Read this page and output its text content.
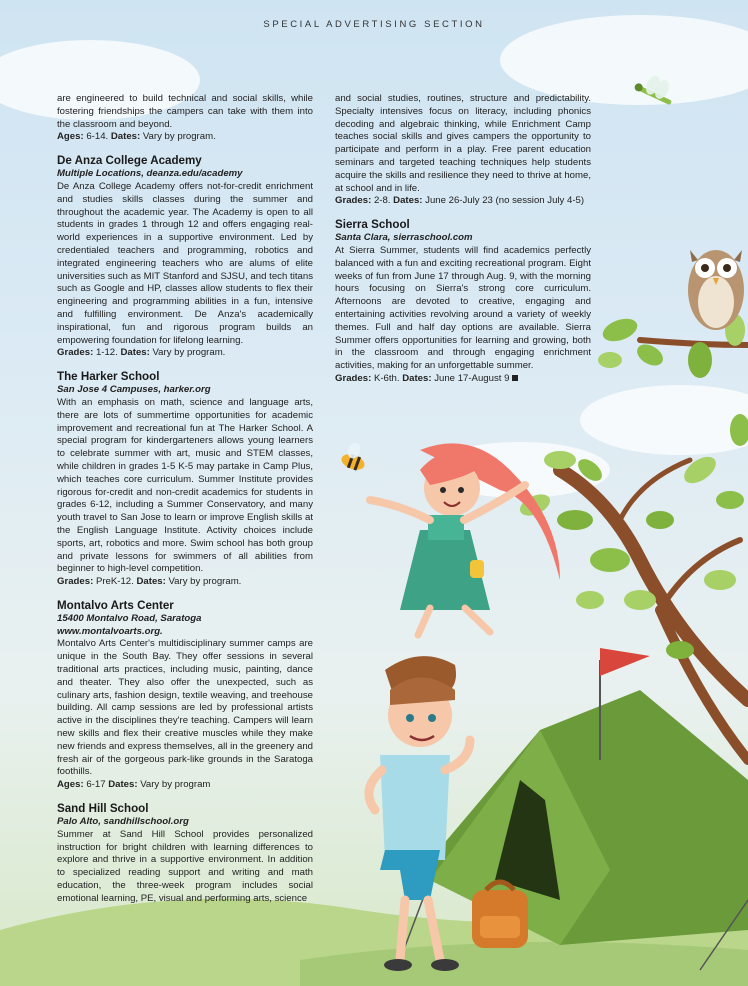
SPECIAL ADVERTISING SECTION

are engineered to build technical and social skills, while fostering friendships the campers can take with them into the classroom and beyond.

Ages: 6-14. Dates: Vary by program.
De Anza College Academy
Multiple Locations, deanza.edu/academy

De Anza College Academy offers not-for-credit enrichment and studies skills classes during the summer and throughout the academic year. The Academy is open to all students in grades 1 through 12 and offers engaging real-world experiences in a supportive environment. Led by credentialed teachers and programming, robotics and integrated engineering teachers who are alums of elite universities such as MIT Stanford and SJSU, and tech titans such as Google and HP, classes allow students to flex their engineering and programming abilities in a fun, intensive and fulfilling environment. De Anza's academically inspirational, fun and rigorous program builds an empowering foundation for lifelong learning.

Grades: 1-12. Dates: Vary by program.
The Harker School
San Jose 4 Campuses, harker.org

With an emphasis on math, science and language arts, there are lots of summertime opportunities for academic improvement and recreational fun at The Harker School. A special program for kindergarteners allows young learners to celebrate summer with art, music and STEM classes, while children in grades 1-5 K-5 may partake in Camp Plus, which teaches core curriculum. Summer Institute provides rigorous for-credit and non-credit academics for students in grades 6-12, including a Summer Conservatory, and many youth travel to San Jose to learn or improve English skills at the English Language Institute. Activity choices include sports, art, robotics and more. Swim school has both group and private lessons for swimmers of all abilities from beginner to high-level competition.

Grades: PreK-12. Dates: Vary by program.
Montalvo Arts Center
15400 Montalvo Road, Saratoga
www.montalvoarts.org.

Montalvo Arts Center's multidisciplinary summer camps are unique in the South Bay. They offer sessions in several traditional arts practices, including music, painting, dance and theater. They also offer the unexpected, such as culinary arts, fashion design, textile weaving, and treehouse building. All camp sessions are led by professional artists active in the disciplines they're teaching. Campers will learn new skills and flex their creative muscles while they make new friends and express themselves, all in the greenery and fresh air of the gorgeous park-like grounds in the Saratoga foothills.

Ages: 6-17 Dates: Vary by program
Sand Hill School
Palo Alto, sandhillschool.org

Summer at Sand Hill School provides personalized instruction for bright children with learning differences to explore and thrive in a supportive environment. In addition to specialized reading support and writing and math education, the three-week program includes social emotional learning, PE, visual and performing arts, science

and social studies, routines, structure and predictability. Specialty intensives focus on literacy, including phonics decoding and algebraic thinking, while Enrichment Camp teaches social skills and gives campers the opportunity to participate and perform in a play. Free parent education seminars and targeted teaching techniques help students acquire the skills and resilience they need to thrive at home, at school and in life.

Grades: 2-8. Dates: June 26-July 23 (no session July 4-5)
Sierra School
Santa Clara, sierraschool.com

At Sierra Summer, students will find academics perfectly balanced with a fun and exciting recreational program. Eight weeks of fun from June 17 through Aug. 9, with the morning hours focusing on Sierra's strong core curriculum. Afternoons are devoted to creative, engaging and entertaining activities revolving around a variety of weekly themes. Full and half day options are available. Sierra Summer offers opportunities for learning and growing, both in the classroom and through engaging enrichment activities, making for an unforgettable summer.

Grades: K-6th. Dates: June 17-August 9
